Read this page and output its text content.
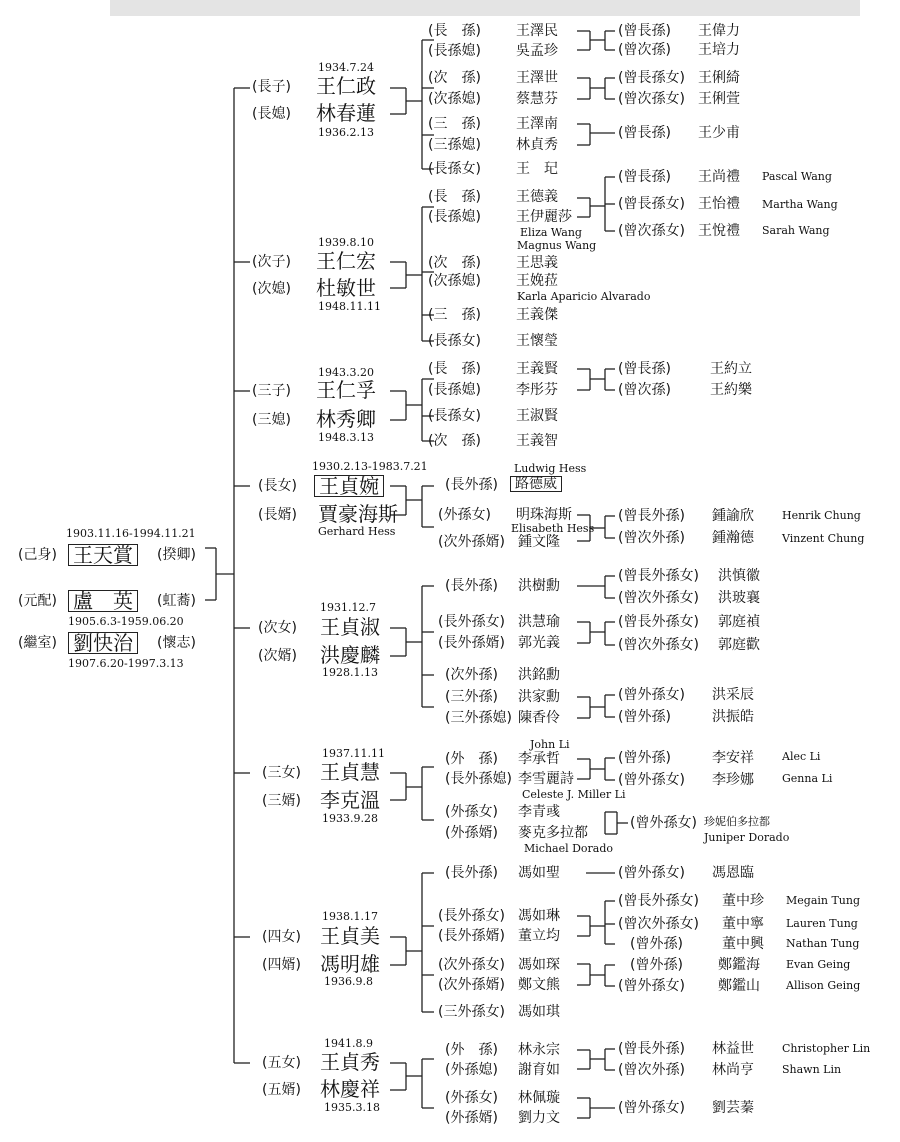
1903.11.16-1994.11.21
(己身) 王天賞	(揆卿)
(元配) 盧　英	(虹蕎)
1905.6.3-1959.06.20
(繼室) 劉快治	(懷志)
1907.6.20-1997.3.13
1934.7.24
(長子) 王仁政
(長媳) 林春蓮
1936.2.13
(長　孫)	王澤民
(長孫媳)	吳孟珍
(次　孫)	王澤世
(次孫媳)	蔡慧芬
(三　孫)	王澤南
(三孫媳)	林貞秀
(長孫女)	王　玘
(曾長孫) 王偉力
(曾次孫) 王培力
(曾長孫女) 王俐綺
(曾次孫女) 王俐萱
(曾長孫) 王少甫
1939.8.10
(次子) 王仁宏
(次媳) 杜敏世
1948.11.11
(長　孫)	王德義
(長孫媳)	王伊麗莎
Eliza Wang
Magnus Wang
(次　孫)	王思義
(次孫媳)	王娩菈
Karla Aparicio Alvarado
(三　孫)	王義傑
(長孫女)	王懷瑩
(曾長孫) 王尚禮 Pascal Wang
(曾長孫女) 王怡禮 Martha Wang
(曾次孫女) 王悅禮 Sarah Wang
1943.3.20
(三子) 王仁孚
(三媳) 林秀卿
1948.3.13
(長　孫)	王義賢
(長孫媳)	李彤芬
(長孫女)	王淑賢
(次　孫)	王義智
(曾長孫)	王約立
(曾次孫)	王約樂
1930.2.13-1983.7.21
(長女) 王貞婉
(長婿) 賈豪海斯
Gerhard Hess
Ludwig Hess
(長外孫)	路德威
(外孫女) 明珠海斯
Elisabeth Hess
(次外孫婿) 鍾文隆
(曾長外孫) 鍾諭欣	Henrik Chung
(曾次外孫) 鍾瀚德	Vinzent Chung
1931.12.7
(次女) 王貞淑
(次婿) 洪慶麟
1928.1.13
(長外孫) 洪樹勳
(長外孫女) 洪慧瑜
(長外孫婿) 郭光義
(次外孫) 洪銘勳
(三外孫) 洪家勳
(三外孫媳) 陳香伶
(曾長外孫女) 洪慎徽
(曾次外孫女) 洪玻襄
(曾長外孫女) 郭庭禎
(曾次外孫女) 郭庭歡
(曾外孫女) 洪采辰
(曾外孫)	洪振皓
1937.11.11
(三女) 王貞慧
(三婿) 李克溫
1933.9.28
John Li
(外　孫) 李承哲
(長外孫媳) 李雪麗詩
Celeste J. Miller Li
(外孫女) 李青彧
(外孫婿) 麥克多拉都
Michael Dorado
(曾外孫)	李安祥	Alec Li
(曾外孫女) 李珍娜	Genna Li
(曾外孫女) 珍妮伯多拉都
Juniper Dorado
1938.1.17
(四女) 王貞美
(四婿) 馮明雄
1936.9.8
(長外孫) 馮如聖
(長外孫女) 馮如琳
(長外孫婿) 董立均
(次外孫女) 馮如琛
(次外孫婿) 鄭文熊
(三外孫女) 馮如琪
(曾外孫女) 馮恩臨
(曾長外孫女) 董中珍 Megain Tung
(曾次外孫女) 董中寧 Lauren Tung
(曾外孫)	董中興 Nathan Tung
(曾外孫)	鄭鑑海 Evan Geing
(曾外孫女) 鄭鑑山 Allison Geing
1941.8.9
(五女) 王貞秀
(五婿) 林慶祥
1935.3.18
(外　孫) 林永宗
(外孫媳) 謝育如
(外孫女) 林佩璇
(外孫婿) 劉力文
(曾長外孫) 林益世	Christopher Lin
(曾次外孫) 林尚亨	Shawn Lin
(曾外孫女) 劉芸蓁
